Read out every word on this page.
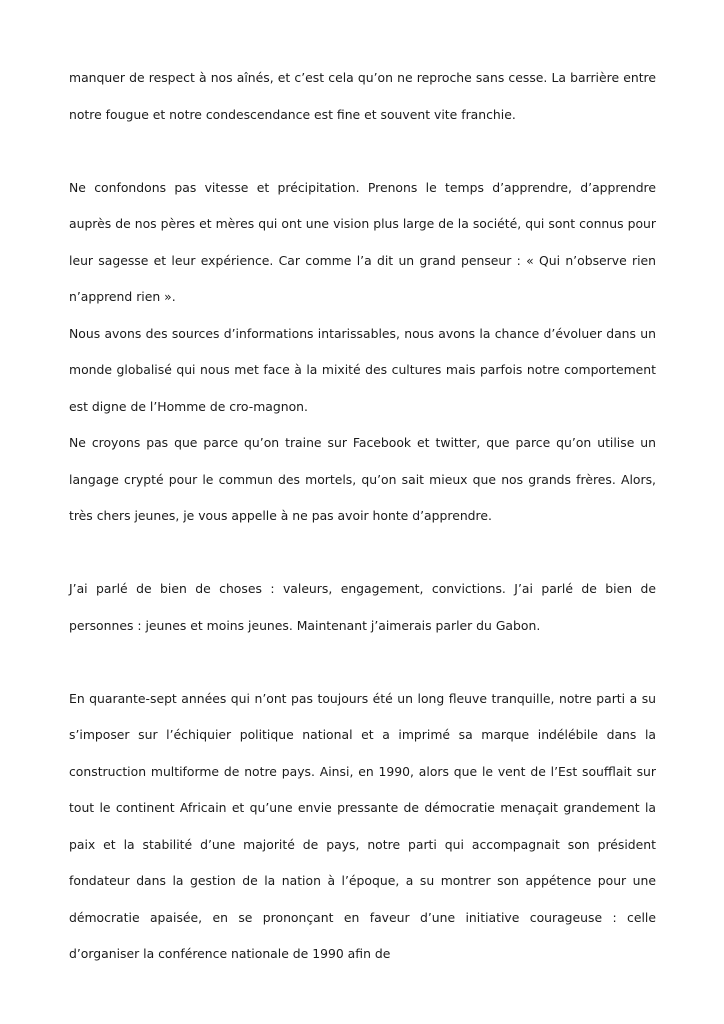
manquer de respect à nos aînés, et c’est cela qu’on ne reproche sans cesse. La barrière entre notre fougue et notre condescendance est fine et souvent vite franchie.

Ne confondons pas vitesse et précipitation. Prenons le temps d’apprendre, d’apprendre auprès de nos pères et mères qui ont une vision plus large de la société, qui sont connus pour leur sagesse et leur expérience. Car comme l’a dit un grand penseur : « Qui n’observe rien n’apprend rien ».

Nous avons des sources d’informations intarissables, nous avons la chance d’évoluer dans un monde globalisé qui nous met face à la mixité des cultures mais parfois notre comportement est digne de l’Homme de cro-magnon.

Ne croyons pas que parce qu’on traine sur Facebook et twitter, que parce qu’on utilise un langage crypté pour le commun des mortels, qu’on sait mieux que nos grands frères. Alors, très chers jeunes, je vous appelle à ne pas avoir honte d’apprendre.

J’ai parlé de bien de choses : valeurs, engagement, convictions. J’ai parlé de bien de personnes : jeunes et moins jeunes. Maintenant j’aimerais parler du Gabon.

En quarante-sept années qui n’ont pas toujours été un long fleuve tranquille, notre parti a su s’imposer sur l’échiquier politique national et a imprimé sa marque indélébile dans la construction multiforme de notre pays. Ainsi, en 1990, alors que le vent de l’Est soufflait sur tout le continent Africain et qu’une envie pressante de démocratie menaçait grandement la paix et la stabilité d’une majorité de pays, notre parti qui accompagnait son président fondateur dans la gestion de la nation à l’époque, a su montrer son appétence pour une démocratie apaisée, en se prononçant en faveur d’une initiative courageuse : celle d’organiser la conférence nationale de 1990 afin de
